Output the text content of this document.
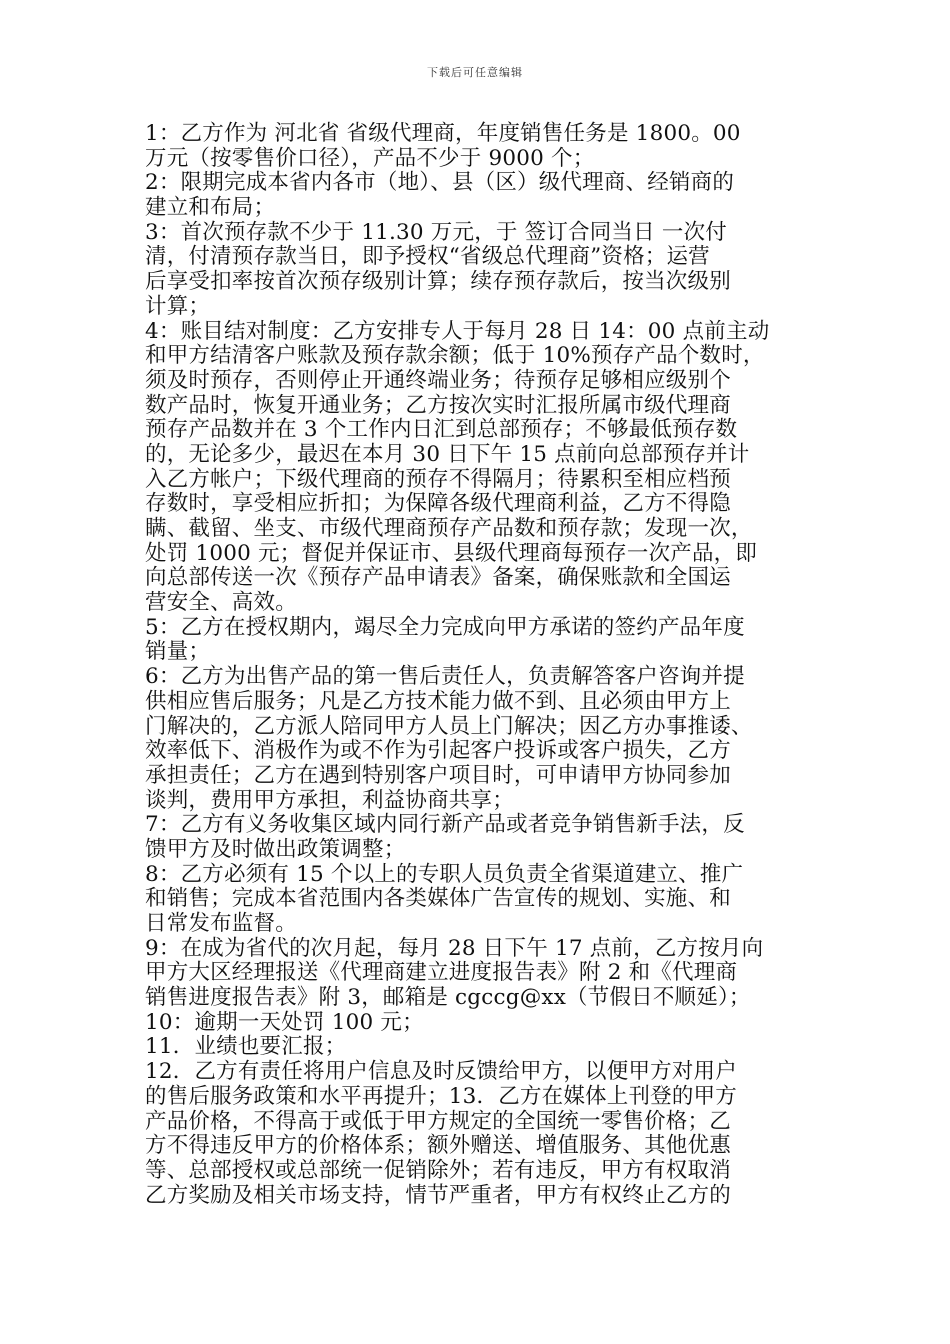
下载后可任意编辑
1：乙方作为 河北省 省级代理商，年度销售任务是 1800。00
万元（按零售价口径），产品不少于 9000 个；
2：限期完成本省内各市（地）、县（区）级代理商、经销商的
建立和布局；
3：首次预存款不少于 11.30 万元，于 签订合同当日 一次付
清，付清预存款当日，即予授权“省级总代理商”资格；运营
后享受扣率按首次预存级别计算；续存预存款后，按当次级别
计算；
4：账目结对制度：乙方安排专人于每月 28 日 14：00 点前主动
和甲方结清客户账款及预存款余额；低于 10%预存产品个数时，
须及时预存，否则停止开通终端业务；待预存足够相应级别个
数产品时，恢复开通业务；乙方按次实时汇报所属市级代理商
预存产品数并在 3 个工作内日汇到总部预存；不够最低预存数
的，无论多少，最迟在本月 30 日下午 15 点前向总部预存并计
入乙方帐户；下级代理商的预存不得隔月；待累积至相应档预
存数时，享受相应折扣；为保障各级代理商利益，乙方不得隐
瞒、截留、坐支、市级代理商预存产品数和预存款；发现一次，
处罚 1000 元；督促并保证市、县级代理商每预存一次产品，即
向总部传送一次《预存产品申请表》备案，确保账款和全国运
营安全、高效。
5：乙方在授权期内，竭尽全力完成向甲方承诺的签约产品年度
销量；
6：乙方为出售产品的第一售后责任人，负责解答客户咨询并提
供相应售后服务；凡是乙方技术能力做不到、且必须由甲方上
门解决的，乙方派人陪同甲方人员上门解决；因乙方办事推诿、
效率低下、消极作为或不作为引起客户投诉或客户损失，乙方
承担责任；乙方在遇到特别客户项目时，可申请甲方协同参加
谈判，费用甲方承担，利益协商共享；
7：乙方有义务收集区域内同行新产品或者竞争销售新手法，反
馈甲方及时做出政策调整；
8：乙方必须有 15 个以上的专职人员负责全省渠道建立、推广
和销售；完成本省范围内各类媒体广告宣传的规划、实施、和
日常发布监督。
9：在成为省代的次月起，每月 28 日下午 17 点前，乙方按月向
甲方大区经理报送《代理商建立进度报告表》附 2 和《代理商
销售进度报告表》附 3，邮箱是 cgccg@xx（节假日不顺延）；
10：逾期一天处罚 100 元；
11．业绩也要汇报；
12．乙方有责任将用户信息及时反馈给甲方，以便甲方对用户
的售后服务政策和水平再提升；13．乙方在媒体上刊登的甲方
产品价格，不得高于或低于甲方规定的全国统一零售价格；乙
方不得违反甲方的价格体系；额外赠送、增值服务、其他优惠
等、总部授权或总部统一促销除外；若有违反，甲方有权取消
乙方奖励及相关市场支持，情节严重者，甲方有权终止乙方的
